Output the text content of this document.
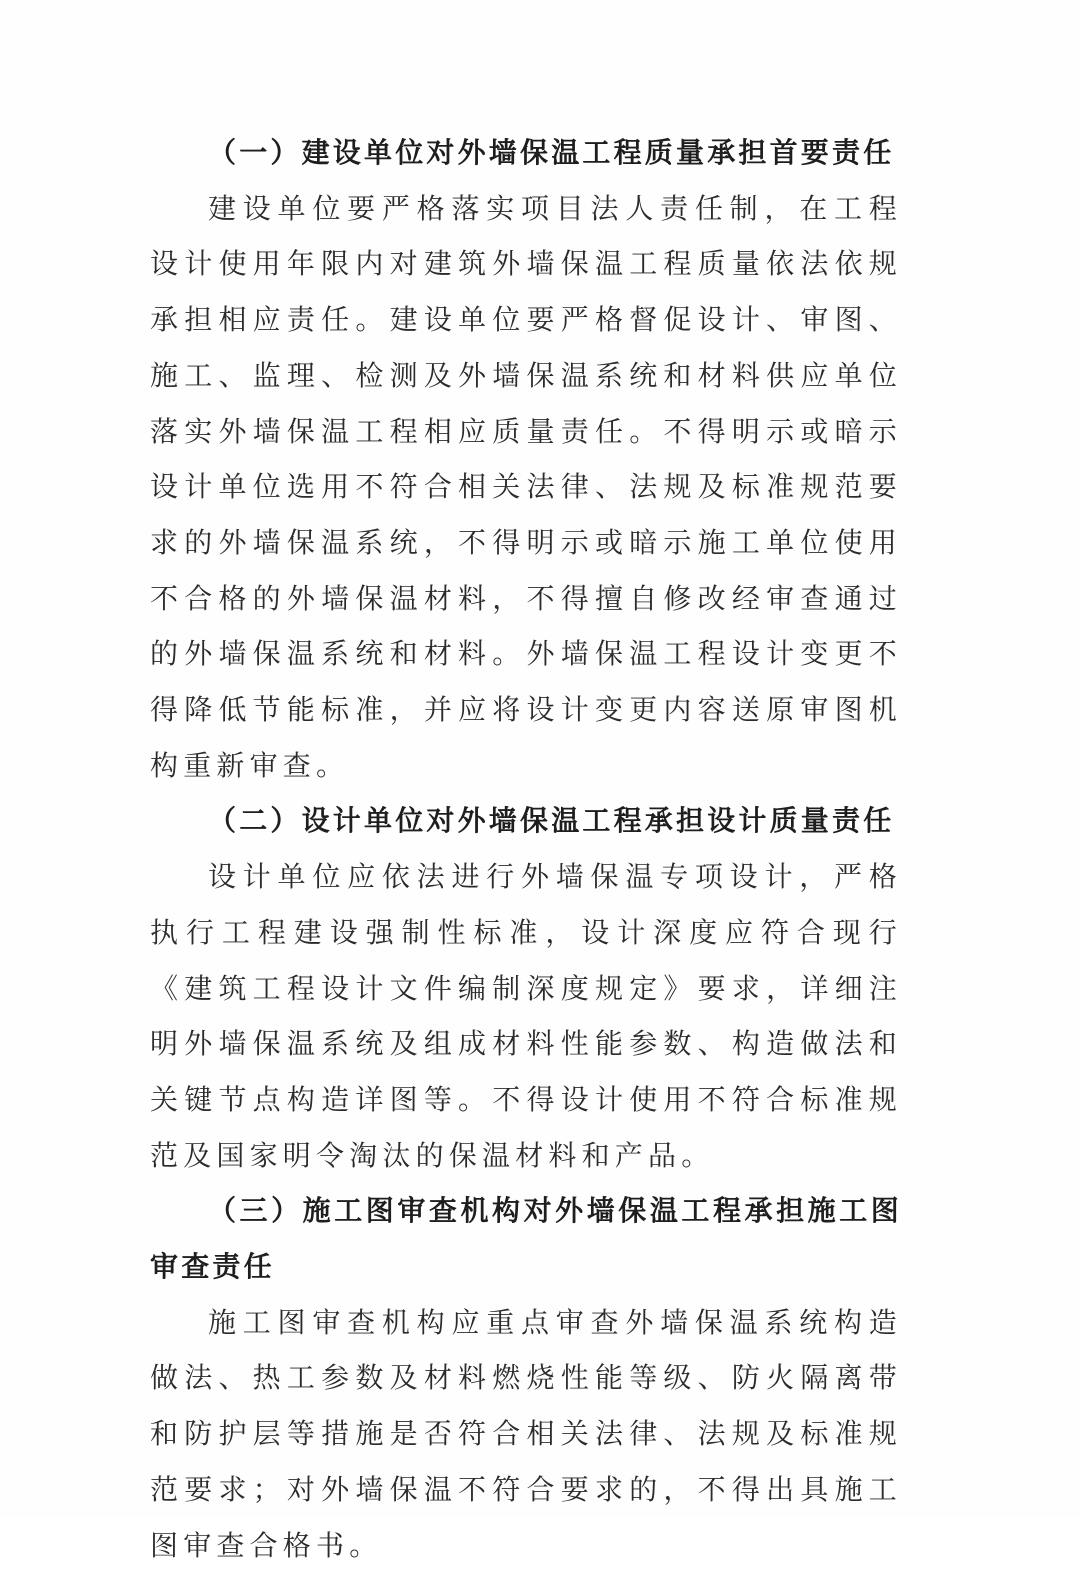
（一）建设单位对外墙保温工程质量承担首要责任

建设单位要严格落实项目法人责任制，在工程设计使用年限内对建筑外墙保温工程质量依法依规承担相应责任。建设单位要严格督促设计、审图、施工、监理、检测及外墙保温系统和材料供应单位落实外墙保温工程相应质量责任。不得明示或暗示设计单位选用不符合相关法律、法规及标准规范要求的外墙保温系统，不得明示或暗示施工单位使用不合格的外墙保温材料，不得擅自修改经审查通过的外墙保温系统和材料。外墙保温工程设计变更不得降低节能标准，并应将设计变更内容送原审图机构重新审查。

（二）设计单位对外墙保温工程承担设计质量责任

设计单位应依法进行外墙保温专项设计，严格执行工程建设强制性标准，设计深度应符合现行《建筑工程设计文件编制深度规定》要求，详细注明外墙保温系统及组成材料性能参数、构造做法和关键节点构造详图等。不得设计使用不符合标准规范及国家明令淘汰的保温材料和产品。

（三）施工图审查机构对外墙保温工程承担施工图审查责任

施工图审查机构应重点审查外墙保温系统构造做法、热工参数及材料燃烧性能等级、防火隔离带和防护层等措施是否符合相关法律、法规及标准规范要求；对外墙保温不符合要求的，不得出具施工图审查合格书。
